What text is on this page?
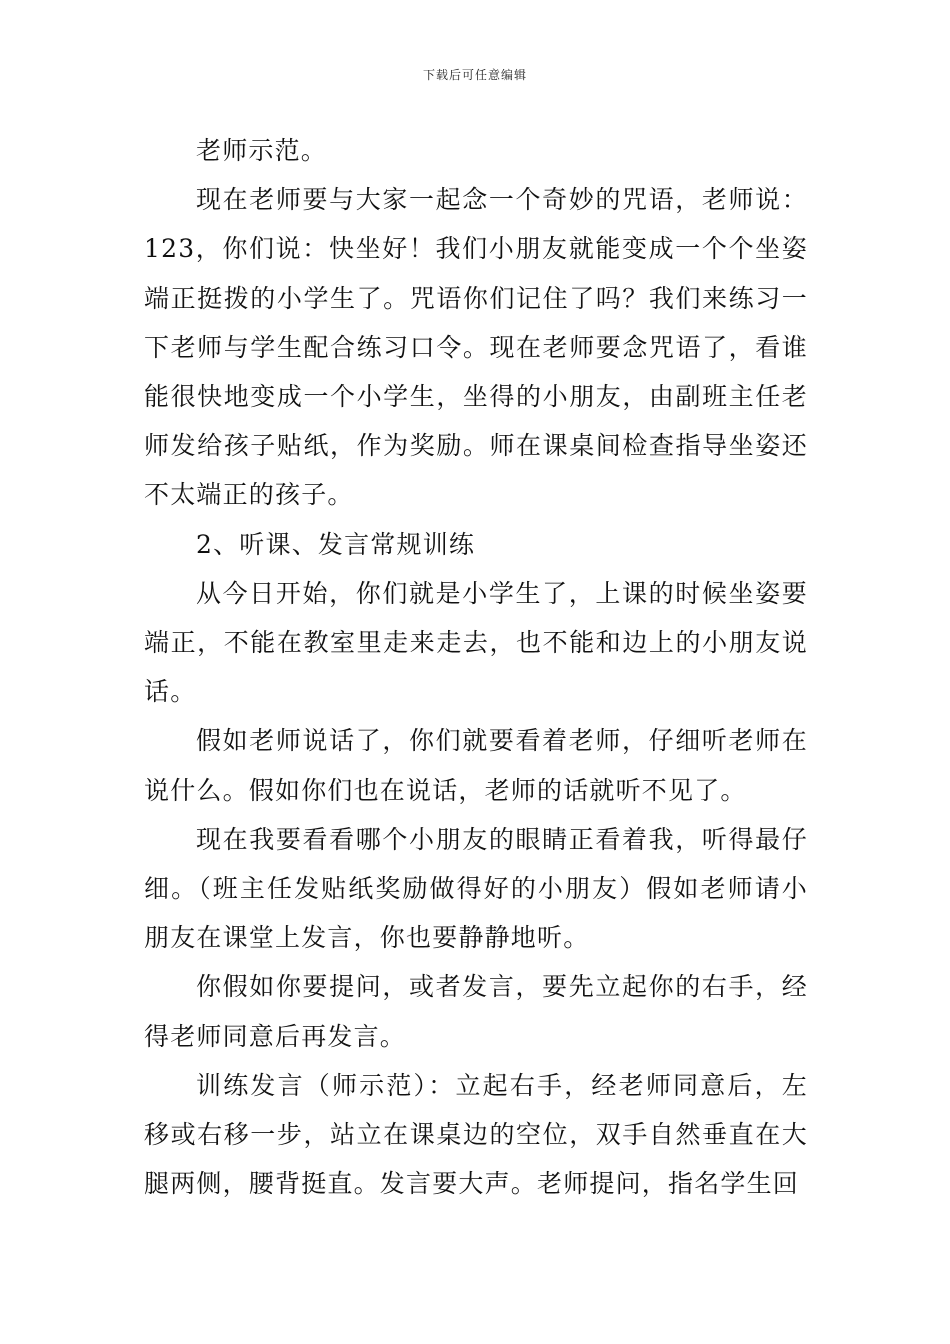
下载后可任意编辑

老师示范。

现在老师要与大家一起念一个奇妙的咒语，老师说：123，你们说：快坐好！我们小朋友就能变成一个个坐姿端正挺拨的小学生了。咒语你们记住了吗？我们来练习一下老师与学生配合练习口令。现在老师要念咒语了，看谁能很快地变成一个小学生，坐得的小朋友，由副班主任老师发给孩子贴纸，作为奖励。师在课桌间检查指导坐姿还不太端正的孩子。

2、听课、发言常规训练

从今日开始，你们就是小学生了，上课的时候坐姿要端正，不能在教室里走来走去，也不能和边上的小朋友说话。

假如老师说话了，你们就要看着老师，仔细听老师在说什么。假如你们也在说话，老师的话就听不见了。

现在我要看看哪个小朋友的眼睛正看着我，听得最仔细。（班主任发贴纸奖励做得好的小朋友）假如老师请小朋友在课堂上发言，你也要静静地听。

你假如你要提问，或者发言，要先立起你的右手，经得老师同意后再发言。

训练发言（师示范）：立起右手，经老师同意后，左移或右移一步，站立在课桌边的空位，双手自然垂直在大腿两侧，腰背挺直。发言要大声。老师提问，指名学生回
